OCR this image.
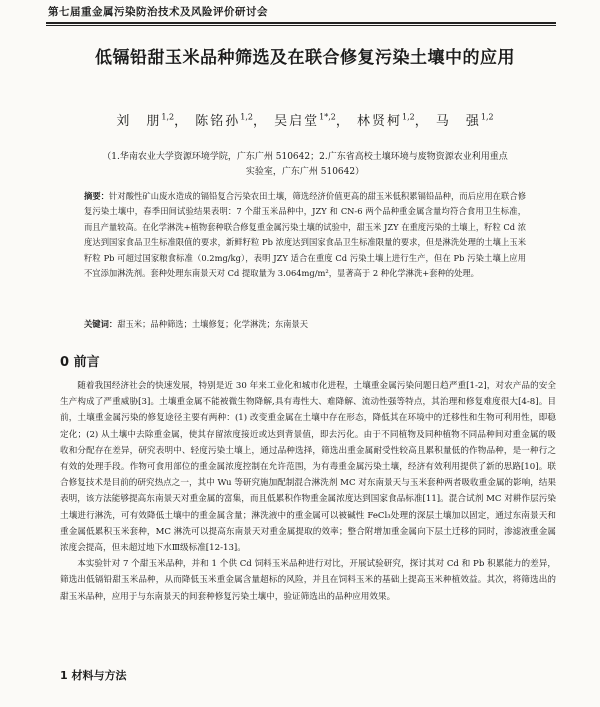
第七届重金属污染防治技术及风险评价研讨会
低镉铅甜玉米品种筛选及在联合修复污染土壤中的应用
刘　朋$^{1,2}$， 陈铭孙$^{1,2}$， 吴启堂$^{1*,2}$， 林贤柯$^{1,2}$， 马　强$^{1,2}$
（1.华南农业大学资源环境学院，广东广州 510642；2.广东省高校土壤环境与废物资源农业利用重点实验室，广东广州 510642）
摘要：针对酸性矿山废水造成的镉铅复合污染农田土壤，筛选经济价值更高的甜玉米低积累镉铅品种，而后应用在联合修复污染土壤中，春季田间试验结果表明：7 个甜玉米品种中，JZY 和 CN-6 两个品种重金属含量均符合食用卫生标准，而且产量较高。在化学淋洗+植物套种联合修复重金属污染土壤的试验中，甜玉米 JZY 在重度污染的土壤上，籽粒 Cd 浓度达到国家食品卫生标准限值的要求，新鲜籽粒 Pb 浓度达到国家食品卫生标准限量的要求，但是淋洗处理的土壤上玉米籽粒 Pb 可超过国家粮食标准（0.2mg/kg），表明 JZY 适合在重度 Cd 污染土壤上进行生产，但在 Pb 污染土壤上应用不宜添加淋洗剂。套种处理东南景天对 Cd 提取量为 3.064mg/m²，显著高于 2 种化学淋洗+套种的处理。
关键词：甜玉米；品种筛选；土壤修复；化学淋洗；东南景天
0 前言

随着我国经济社会的快速发展，特别是近 30 年来工业化和城市化进程，土壤重金属污染问题日趋严重[1-2]，对农产品的安全生产构成了严重威胁[3]。土壤重金属不能被微生物降解,具有毒性大、难降解、流动性强等特点，其治理和修复难度很大[4-8]。目前，土壤重金属污染的修复途径主要有两种：(1) 改变重金属在土壤中存在形态，降低其在环境中的迁移性和生物可利用性，即稳定化；(2) 从土壤中去除重金属，使其存留浓度接近或达到背景值，即去污化。由于不同植物及同种植物不同品种间对重金属的吸收和分配存在差异，研究表明中、轻度污染土壤上，通过品种选择，筛选出重金属耐受性较高且累积量低的作物品种，是一种行之有效的处理手段。作物可食用部位的重金属浓度控制在允许范围，为有毒重金属污染土壤，经济有效利用提供了新的思路[10]。联合修复技术是目前的研究热点之一，其中 Wu 等研究施加配制混合淋洗剂 MC 对东南景天与玉米套种两者吸收重金属的影响，结果表明，该方法能够提高东南景天对重金属的富集，而且低累积作物重金属浓度达到国家食品标准[11]。混合试剂 MC 对耕作层污染土壤进行淋洗，可有效降低土壤中的重金属含量；淋洗液中的重金属可以被碱性 FeCl₃处理的深层土壤加以固定，通过东南景天和重金属低累积玉米套种，MC 淋洗可以提高东南景天对重金属提取的效率；整合附增加重金属向下层土迁移的同时，渗滤液重金属浓度会提高，但未超过地下水Ⅲ级标准[12-13]。

本实验针对 7 个甜玉米品种，并和 1 个供 Cd 饲料玉米品种进行对比，开展试验研究，探讨其对 Cd 和 Pb 积累能力的差异，筛选出低镉铅甜玉米品种，从而降低玉米重金属含量超标的风险，并且在饲料玉米的基础上提高玉米种植效益。其次，将筛选出的甜玉米品种，应用于与东南景天的间套种修复污染土壤中，验证筛选出的品种应用效果。

1 材料与方法
